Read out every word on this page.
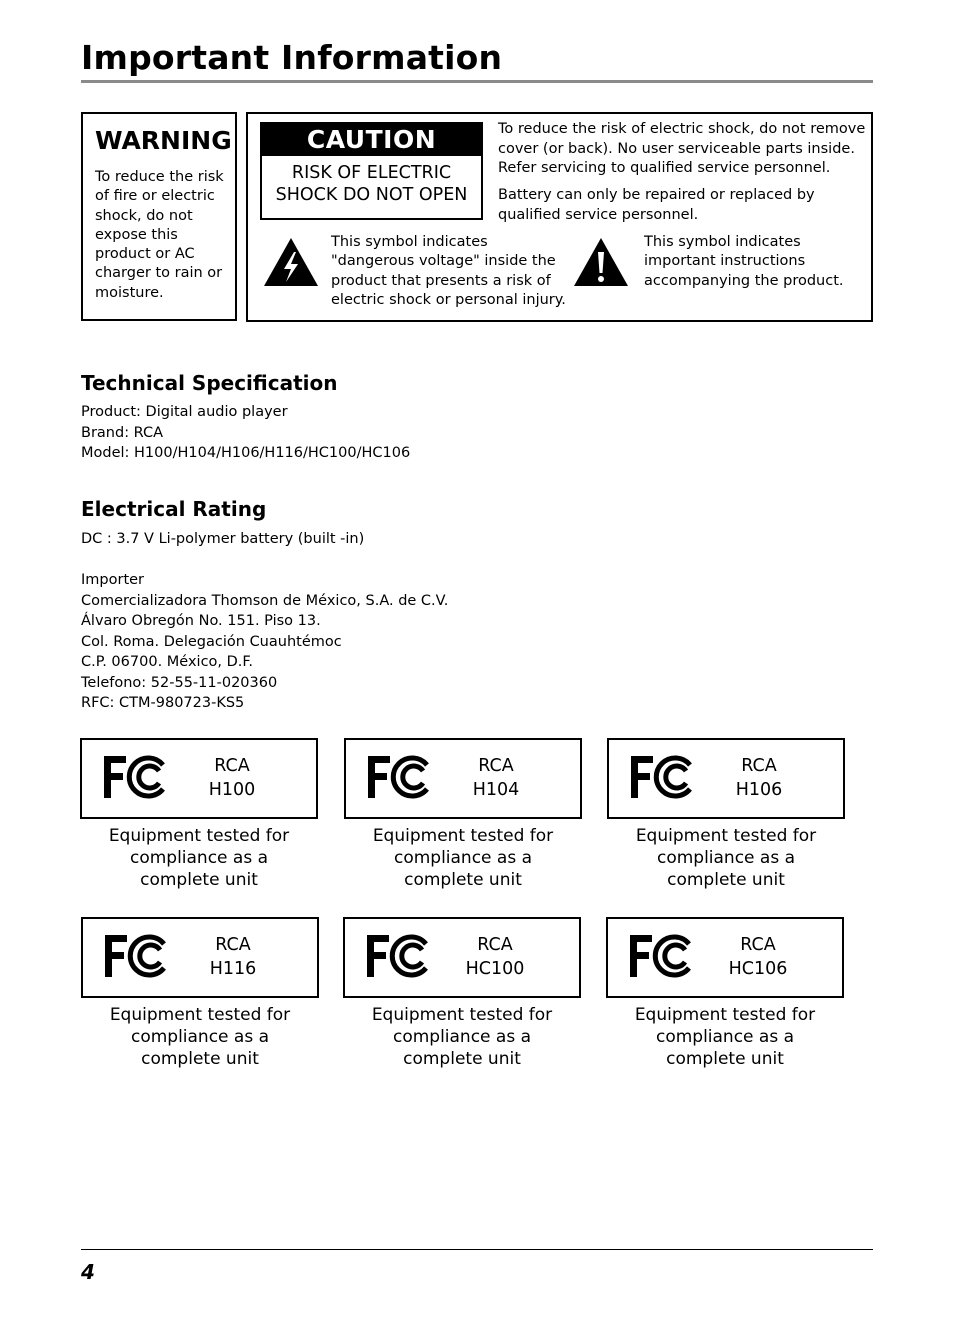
Important Information
WARNING
To reduce the risk of fire or electric shock, do not expose this product or AC charger to rain or moisture.
CAUTION
RISK OF ELECTRIC
SHOCK DO NOT OPEN
To reduce the risk of electric shock, do not remove cover (or back). No user serviceable parts inside. Refer servicing to qualified service personnel.
Battery can only be repaired or replaced by qualified service personnel.
This symbol indicates "dangerous voltage" inside the product that presents a risk of electric shock or personal injury.
This symbol indicates important instructions accompanying the product.
Technical Specification
Product: Digital audio player
Brand: RCA
Model: H100/H104/H106/H116/HC100/HC106
Electrical Rating
DC : 3.7 V Li-polymer battery (built -in)
Importer
Comercializadora Thomson de México, S.A. de C.V.
Álvaro Obregón No. 151. Piso 13.
Col. Roma. Delegación Cuauhtémoc
C.P. 06700. México, D.F.
Telefono: 52-55-11-020360
RFC: CTM-980723-KS5
RCA
H100
Equipment tested for
compliance as a
complete unit
RCA
H104
Equipment tested for
compliance as a
complete unit
RCA
H106
Equipment tested for
compliance as a
complete unit
RCA
H116
Equipment tested for
compliance as a
complete unit
RCA
HC100
Equipment tested for
compliance as a
complete unit
RCA
HC106
Equipment tested for
compliance as a
complete unit
4
